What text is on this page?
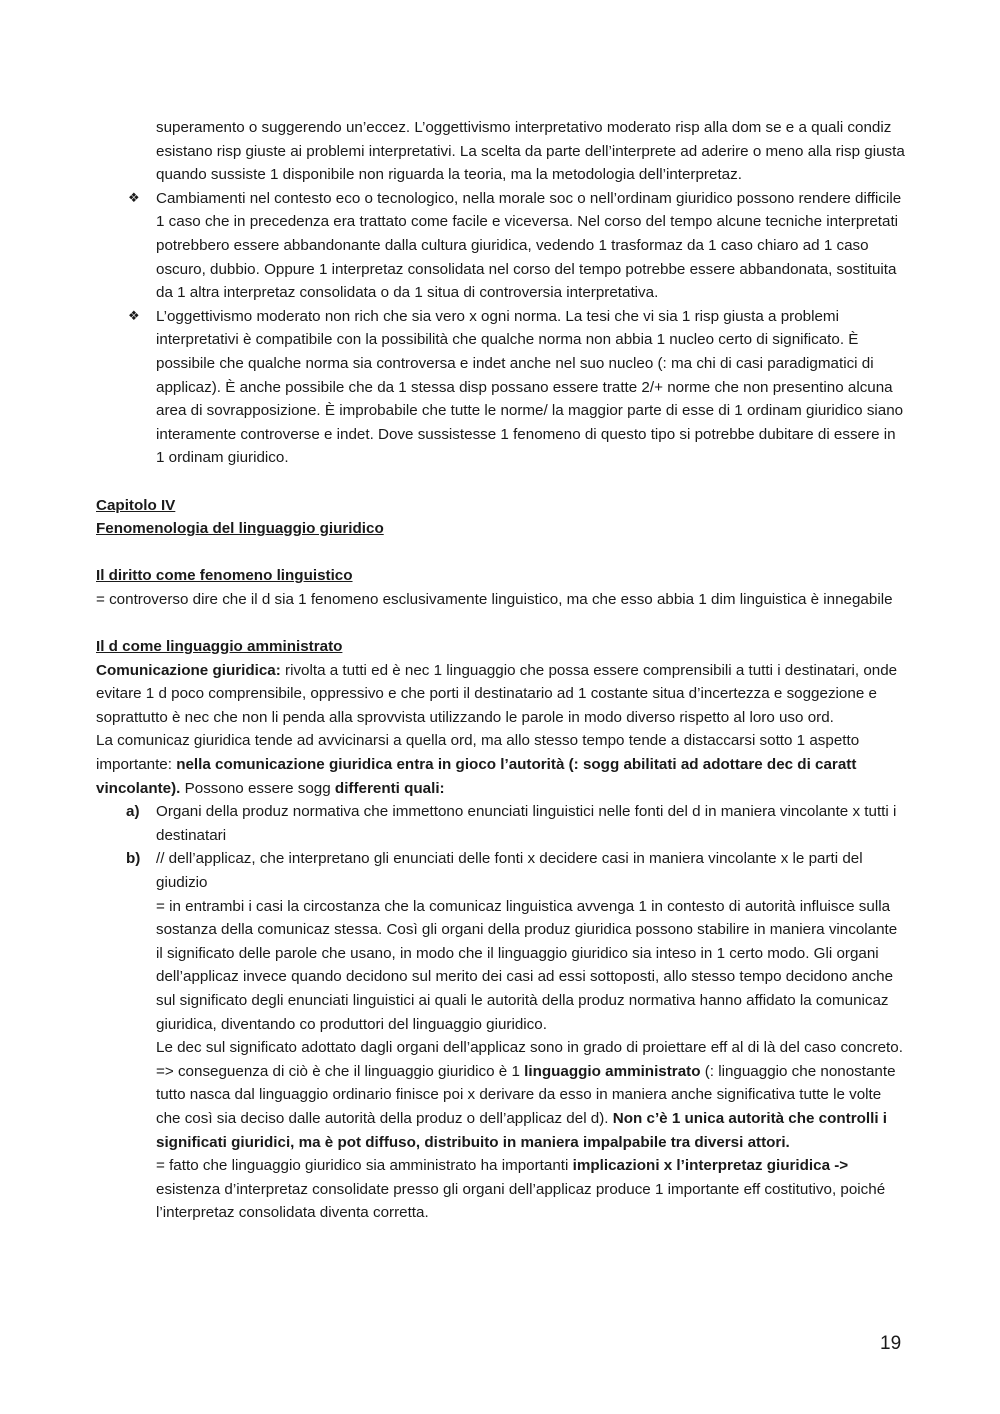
superamento o suggerendo un’eccez. L’oggettivismo interpretativo moderato risp alla dom se e a quali condiz esistano risp giuste ai problemi interpretativi. La scelta da parte dell’interprete ad aderire o meno alla risp giusta quando sussiste 1 disponibile non riguarda la teoria, ma la metodologia dell’interpretaz.

❖ Cambiamenti nel contesto eco o tecnologico, nella morale soc o nell’ordinam giuridico possono rendere difficile 1 caso che in precedenza era trattato come facile e viceversa. Nel corso del tempo alcune tecniche interpretati potrebbero essere abbandonante dalla cultura giuridica, vedendo 1 trasformaz da 1 caso chiaro ad 1 caso oscuro, dubbio. Oppure 1 interpretaz consolidata nel corso del tempo potrebbe essere abbandonata, sostituita da 1 altra interpretaz consolidata o da 1 situa di controversia interpretativa.

❖ L’oggettivismo moderato non rich che sia vero x ogni norma. La tesi che vi sia 1 risp giusta a problemi interpretativi è compatibile con la possibilità che qualche norma non abbia 1 nucleo certo di significato. È possibile che qualche norma sia controversa e indet anche nel suo nucleo (: ma chi di casi paradigmatici di applicaz). È anche possibile che da 1 stessa disp possano essere tratte 2/+ norme che non presentino alcuna area di sovrapposizione. È improbabile che tutte le norme/ la maggior parte di esse di 1 ordinam giuridico siano interamente controverse e indet. Dove sussistesse 1 fenomeno di questo tipo si potrebbe dubitare di essere in 1 ordinam giuridico.

Capitolo IV

Fenomenologia del linguaggio giuridico

Il diritto come fenomeno linguistico

= controverso dire che il d sia 1 fenomeno esclusivamente linguistico, ma che esso abbia 1 dim linguistica è innegabile

Il d come linguaggio amministrato

Comunicazione giuridica: rivolta a tutti ed è nec 1 linguaggio che possa essere comprensibili a tutti i destinatari, onde evitare 1 d poco comprensibile, oppressivo e che porti il destinatario ad 1 costante situa d’incertezza e soggezione e soprattutto è nec che non li penda alla sprovvista utilizzando le parole in modo diverso rispetto al loro uso ord.

La comunicaz giuridica tende ad avvicinarsi a quella ord, ma allo stesso tempo tende a distaccarsi sotto 1 aspetto importante: nella comunicazione giuridica entra in gioco l’autorità (: sogg abilitati ad adottare dec di caratt vincolante). Possono essere sogg differenti quali:

a) Organi della produz normativa che immettono enunciati linguistici nelle fonti del d in maniera vincolante x tutti i destinatari

b) // dell’applicaz, che interpretano gli enunciati delle fonti x decidere casi in maniera vincolante x le parti del giudizio

= in entrambi i casi la circostanza che la comunicaz linguistica avvenga 1 in contesto di autorità influisce sulla sostanza della comunicaz stessa. Così gli organi della produz giuridica possono stabilire in maniera vincolante il significato delle parole che usano, in modo che il linguaggio giuridico sia inteso in 1 certo modo. Gli organi dell’applicaz invece quando decidono sul merito dei casi ad essi sottoposti, allo stesso tempo decidono anche sul significato degli enunciati linguistici ai quali le autorità della produz normativa hanno affidato la comunicaz giuridica, diventando co produttori del linguaggio giuridico.

Le dec sul significato adottato dagli organi dell’applicaz sono in grado di proiettare eff al di là del caso concreto. => conseguenza di ciò è che il linguaggio giuridico è 1 linguaggio amministrato (: linguaggio che nonostante tutto nasca dal linguaggio ordinario finisce poi x derivare da esso in maniera anche significativa tutte le volte che così sia deciso dalle autorità della produz o dell’applicaz del d). Non c’è 1 unica autorità che controlli i significati giuridici, ma è pot diffuso, distribuito in maniera impalpabile tra diversi attori.

= fatto che linguaggio giuridico sia amministrato ha importanti implicazioni x l’interpretaz giuridica -> esistenza d’interpretaz consolidate presso gli organi dell’applicaz produce 1 importante eff costitutivo, poiché l’interpretaz consolidata diventa corretta.

19
